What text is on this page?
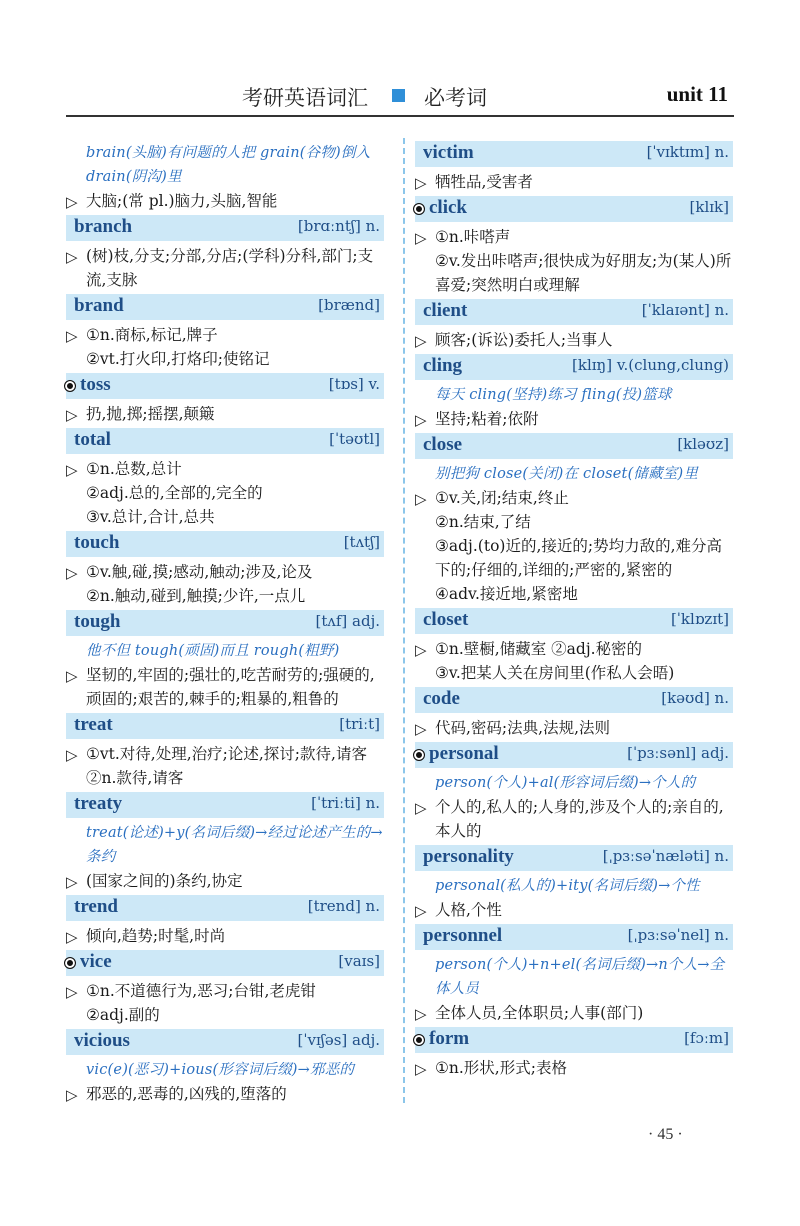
考研英语词汇	必考词	unit 11
brain(头脑)有问题的人把 grain(谷物)倒入 drain(阴沟)里
▷ 大脑;(常 pl.)脑力,头脑,智能
branch	[brɑːntʃ] n.
▷ (树)枝,分支;分部,分店;(学科)分科,部门;支流,支脉
brand	[brænd]
▷ ①n.商标,标记,牌子
②vt.打火印,打烙印;使铭记
toss	[tɒs] v.
▷ 扔,抛,掷;摇摆,颠簸
total	[ˈtəʊtl]
▷ ①n.总数,总计
②adj.总的,全部的,完全的
③v.总计,合计,总共
touch	[tʌtʃ]
▷ ①v.触,碰,摸;感动,触动;涉及,论及
②n.触动,碰到,触摸;少许,一点儿
tough	[tʌf] adj.
他不但 tough(顽固)而且 rough(粗野)
▷ 坚韧的,牢固的;强壮的,吃苦耐劳的;强硬的,顽固的;艰苦的,棘手的;粗暴的,粗鲁的
treat	[triːt]
▷ ①vt.对待,处理,治疗;论述,探讨;款待,请客 ②n.款待,请客
treaty	[ˈtriːti] n.
treat(论述)+y(名词后缀)→经过论述产生的→条约
▷ (国家之间的)条约,协定
trend	[trend] n.
▷ 倾向,趋势;时髦,时尚
vice	[vaɪs]
▷ ①n.不道德行为,恶习;台钳,老虎钳
②adj.副的
vicious	[ˈvɪʃəs] adj.
vic(e)(恶习)+ious(形容词后缀)→邪恶的
▷ 邪恶的,恶毒的,凶残的,堕落的
victim	[ˈvɪktɪm] n.
▷ 牺牲品,受害者
click	[klɪk]
▷ ①n.咔嗒声
②v.发出咔嗒声;很快成为好朋友;为(某人)所喜爱;突然明白或理解
client	[ˈklaɪənt] n.
▷ 顾客;(诉讼)委托人;当事人
cling	[klɪŋ] v.(clung,clung)
每天 cling(坚持)练习 fling(投)篮球
▷ 坚持;粘着;依附
close	[kləʊz]
别把狗 close(关闭)在 closet(储藏室)里
▷ ①v.关,闭;结束,终止
②n.结束,了结
③adj.(to)近的,接近的;势均力敌的,难分高下的;仔细的,详细的;严密的,紧密的
④adv.接近地,紧密地
closet	[ˈklɒzɪt]
▷ ①n.壁橱,储藏室 ②adj.秘密的
③v.把某人关在房间里(作私人会晤)
code	[kəʊd] n.
▷ 代码,密码;法典,法规,法则
personal	[ˈpɜːsənl] adj.
person(个人)+al(形容词后缀)→个人的
▷ 个人的,私人的;人身的,涉及个人的;亲自的,本人的
personality	[ˌpɜːsəˈnæləti] n.
personal(私人的)+ity(名词后缀)→个性
▷ 人格,个性
personnel	[ˌpɜːsəˈnel] n.
person(个人)+n+el(名词后缀)→n个人→全体人员
▷ 全体人员,全体职员;人事(部门)
form	[fɔːm]
▷ ①n.形状,形式;表格
· 45 ·
